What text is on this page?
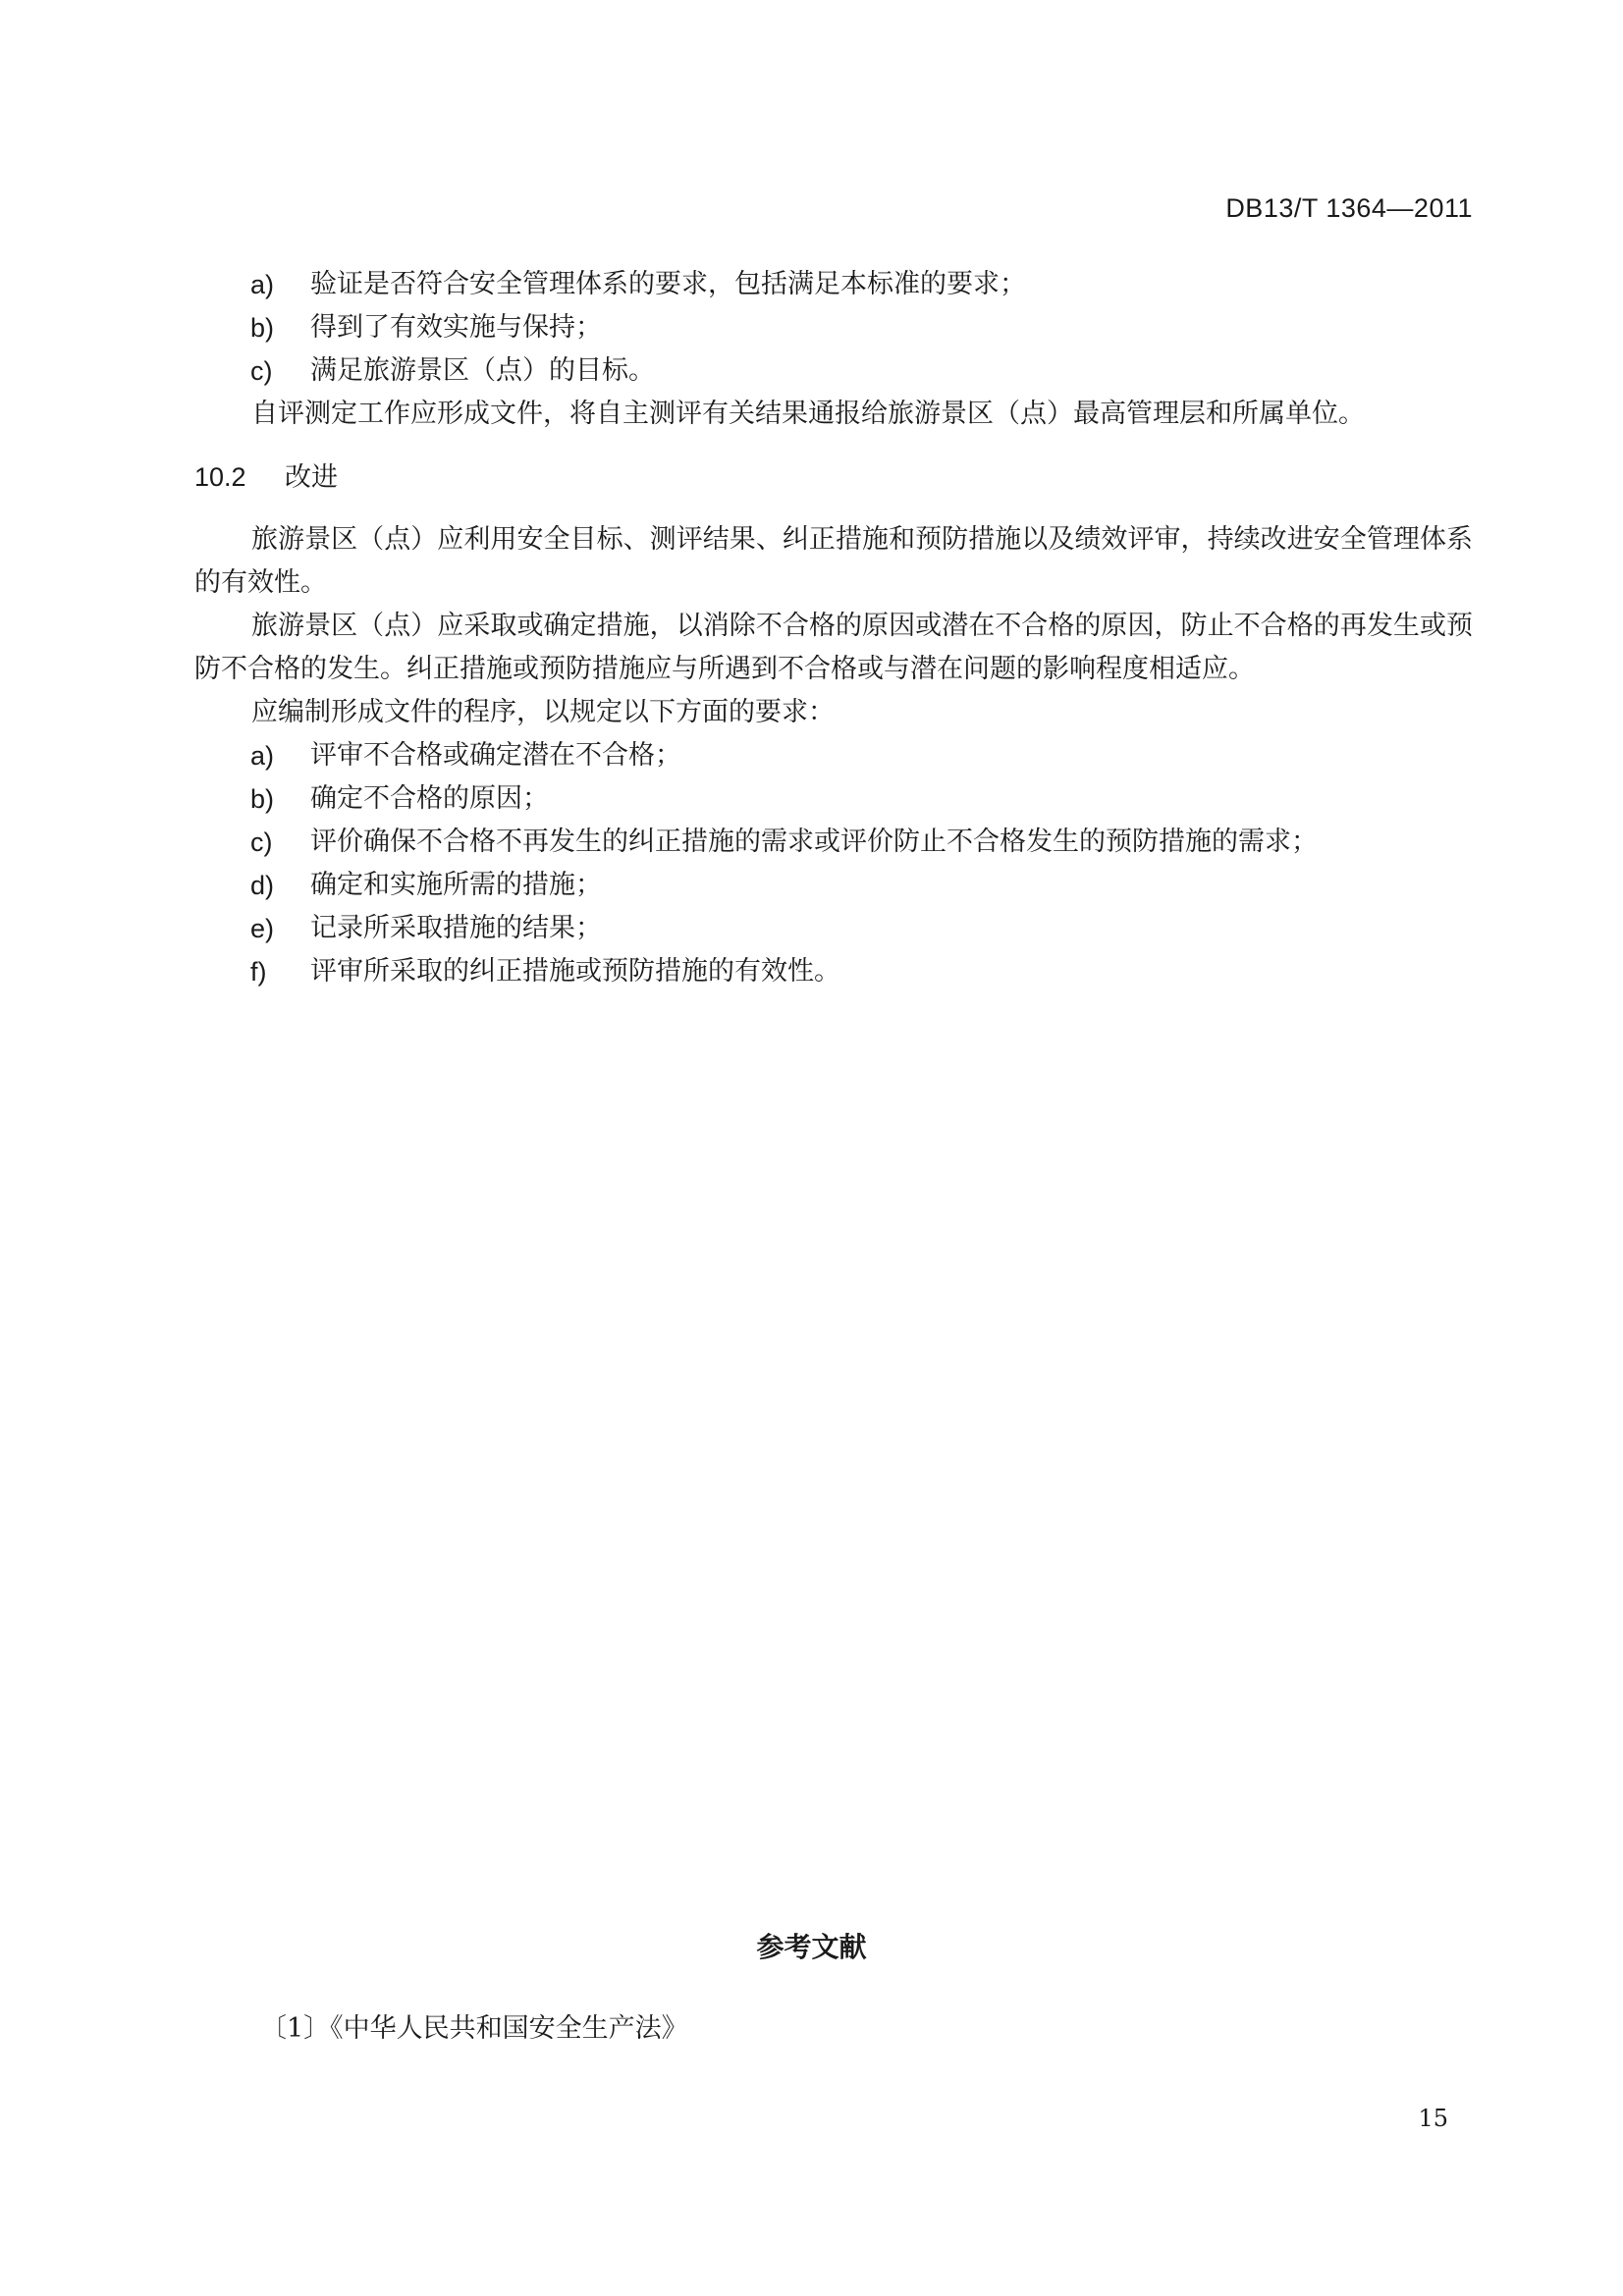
DB13/T 1364—2011
a) 验证是否符合安全管理体系的要求，包括满足本标准的要求；
b) 得到了有效实施与保持；
c) 满足旅游景区（点）的目标。
自评测定工作应形成文件，将自主测评有关结果通报给旅游景区（点）最高管理层和所属单位。
10.2 改进
旅游景区（点）应利用安全目标、测评结果、纠正措施和预防措施以及绩效评审，持续改进安全管理体系的有效性。
旅游景区（点）应采取或确定措施，以消除不合格的原因或潜在不合格的原因，防止不合格的再发生或预防不合格的发生。纠正措施或预防措施应与所遇到不合格或与潜在问题的影响程度相适应。
应编制形成文件的程序，以规定以下方面的要求：
a) 评审不合格或确定潜在不合格；
b) 确定不合格的原因；
c) 评价确保不合格不再发生的纠正措施的需求或评价防止不合格发生的预防措施的需求；
d) 确定和实施所需的措施；
e) 记录所采取措施的结果；
f) 评审所采取的纠正措施或预防措施的有效性。
参考文献
〔1〕《中华人民共和国安全生产法》
15
